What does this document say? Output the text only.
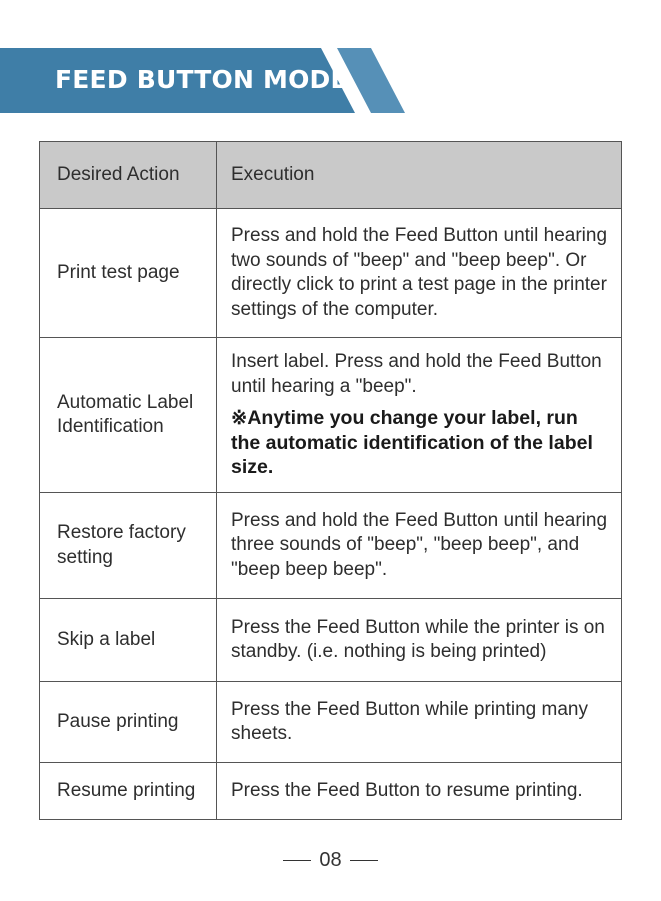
FEED BUTTON MODE
Desired Action	Execution
Print test page	Press and hold the Feed Button until hearing two sounds of "beep" and "beep beep". Or directly click to print a test page in the printer settings of the computer.
Automatic Label Identification	Insert label. Press and hold the Feed Button until hearing a "beep".
※Anytime you change your label, run the automatic identification of the label size.

Restore factory setting	Press and hold the Feed Button until hearing three sounds of "beep", "beep beep", and "beep beep beep".
Skip a label	Press the Feed Button while the printer is on standby. (i.e. nothing is being printed)
Pause printing	Press the Feed Button while printing many sheets.
Resume printing	Press the Feed Button to resume printing.
08
